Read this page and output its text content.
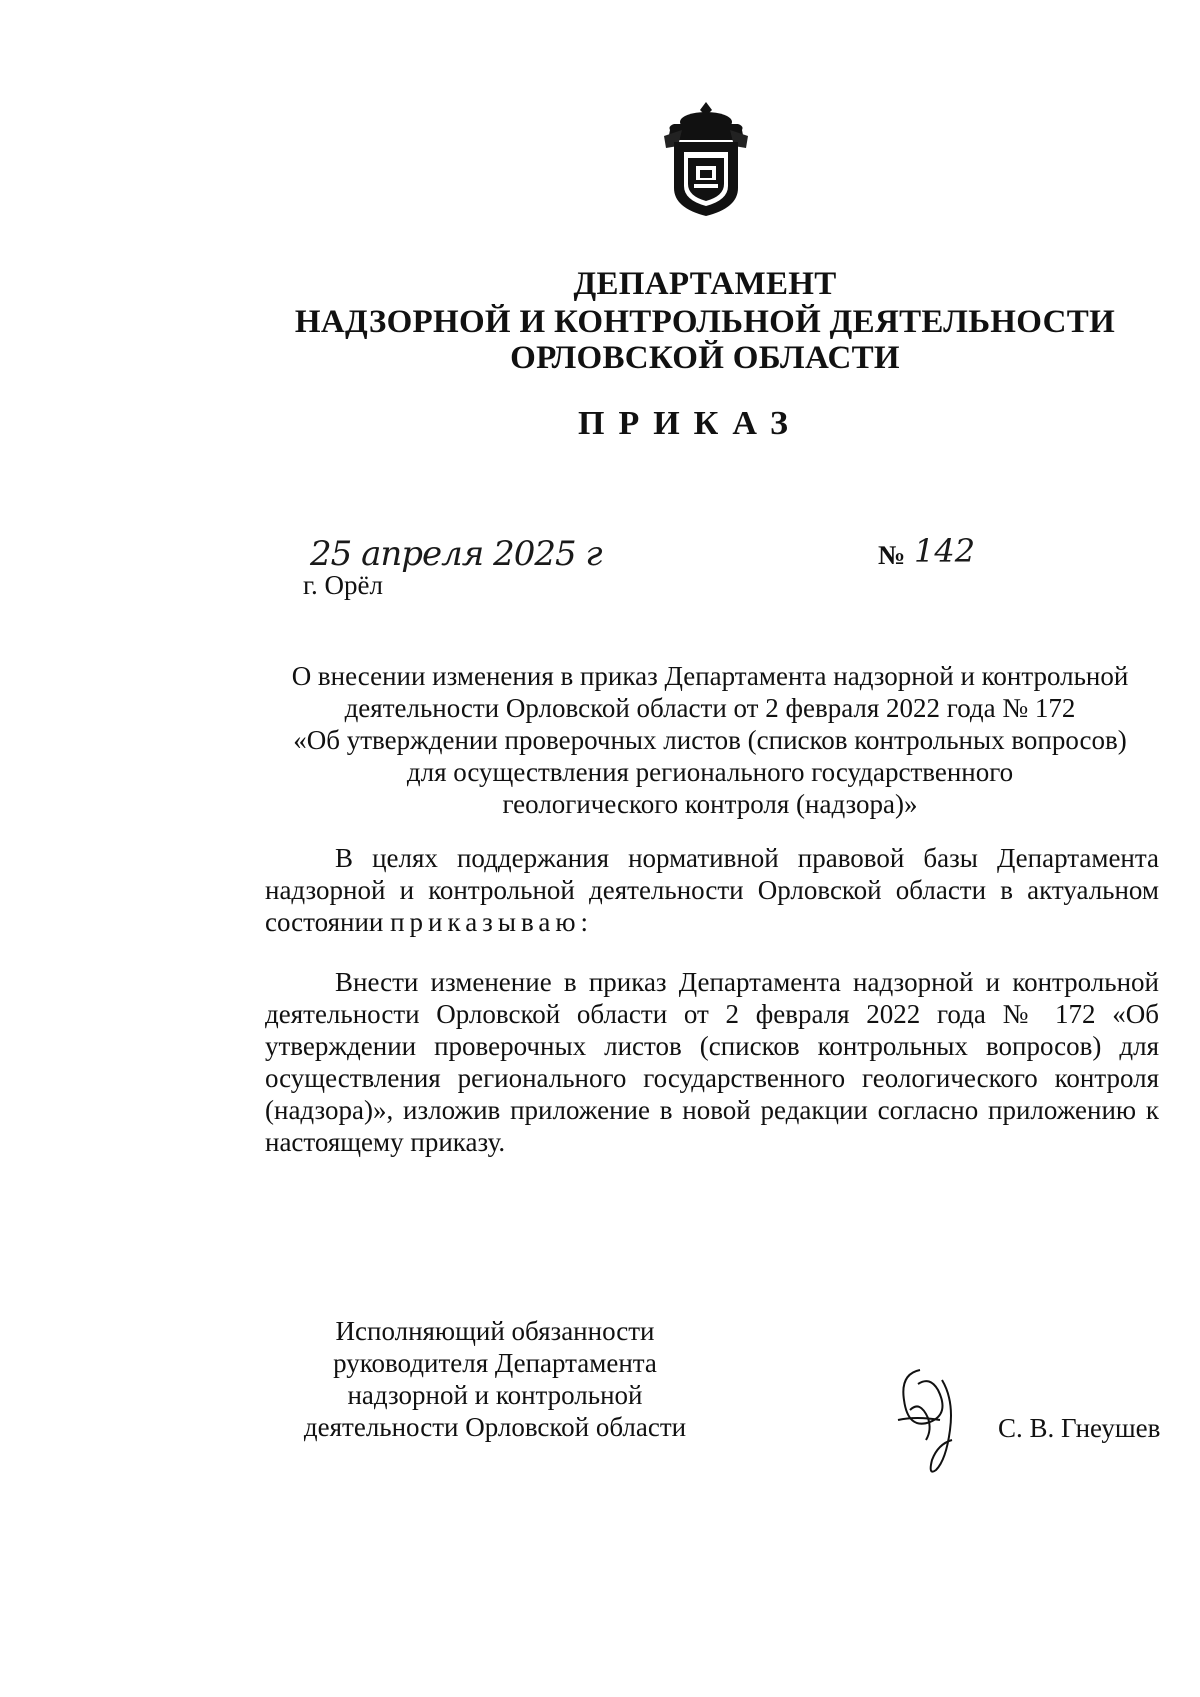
ДЕПАРТАМЕНТ
НАДЗОРНОЙ И КОНТРОЛЬНОЙ ДЕЯТЕЛЬНОСТИ
ОРЛОВСКОЙ ОБЛАСТИ
ПРИКАЗ
25 апреля 2025 г	№ 142
г. Орёл
О внесении изменения в приказ Департамента надзорной и контрольной
деятельности Орловской области от 2 февраля 2022 года № 172
«Об утверждении проверочных листов (списков контрольных вопросов)
для осуществления регионального государственного
геологического контроля (надзора)»
В целях поддержания нормативной правовой базы Департамента надзорной и контрольной деятельности Орловской области в актуальном состоянии приказываю:
Внести изменение в приказ Департамента надзорной и контрольной деятельности Орловской области от 2 февраля 2022 года № 172 «Об утверждении проверочных листов (списков контрольных вопросов) для осуществления регионального государственного геологического контроля (надзора)», изложив приложение в новой редакции согласно приложению к настоящему приказу.
Исполняющий обязанности
руководителя Департамента
надзорной и контрольной
деятельности Орловской области	С. В. Гнеушев
